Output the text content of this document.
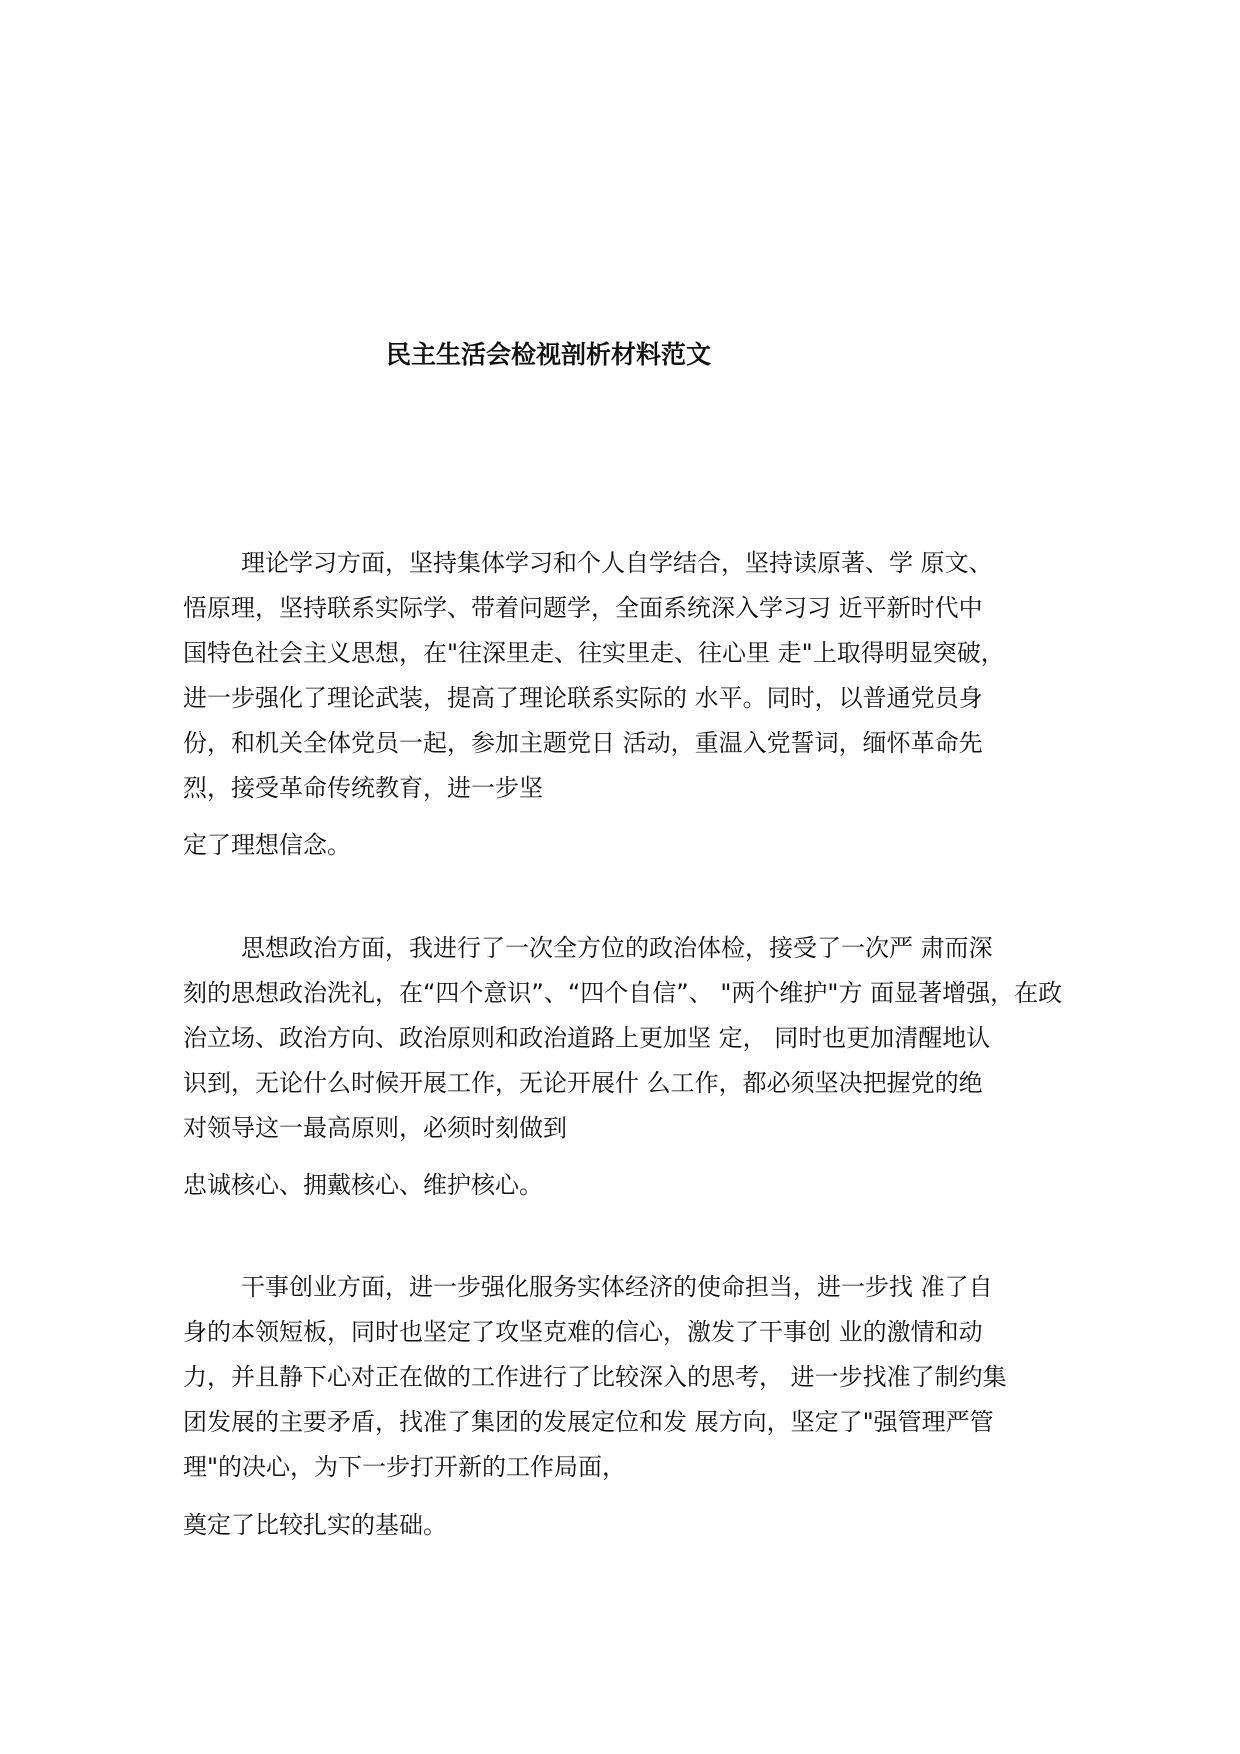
民主生活会检视剖析材料范文
理论学习方面，坚持集体学习和个人自学结合，坚持读原著、学 原文、
悟原理，坚持联系实际学、带着问题学，全面系统深入学习习 近平新时代中
国特色社会主义思想，在"往深里走、往实里走、往心里 走"上取得明显突破，
进一步强化了理论武装，提高了理论联系实际的 水平。同时，以普通党员身
份，和机关全体党员一起，参加主题党日 活动，重温入党誓词，缅怀革命先
烈，接受革命传统教育，进一步坚
定了理想信念。
思想政治方面，我进行了一次全方位的政治体检，接受了一次严 肃而深
刻的思想政治洗礼，在“四个意识”、“四个自信”、 "两个维护"方 面显著增强，在政
治立场、政治方向、政治原则和政治道路上更加坚 定， 同时也更加清醒地认
识到，无论什么时候开展工作，无论开展什 么工作，都必须坚决把握党的绝
对领导这一最高原则，必须时刻做到
忠诚核心、拥戴核心、维护核心。
干事创业方面，进一步强化服务实体经济的使命担当，进一步找 准了自
身的本领短板，同时也坚定了攻坚克难的信心，激发了干事创 业的激情和动
力，并且静下心对正在做的工作进行了比较深入的思考， 进一步找准了制约集
团发展的主要矛盾，找准了集团的发展定位和发 展方向，坚定了"强管理严管
理"的决心，为下一步打开新的工作局面，
奠定了比较扎实的基础。
